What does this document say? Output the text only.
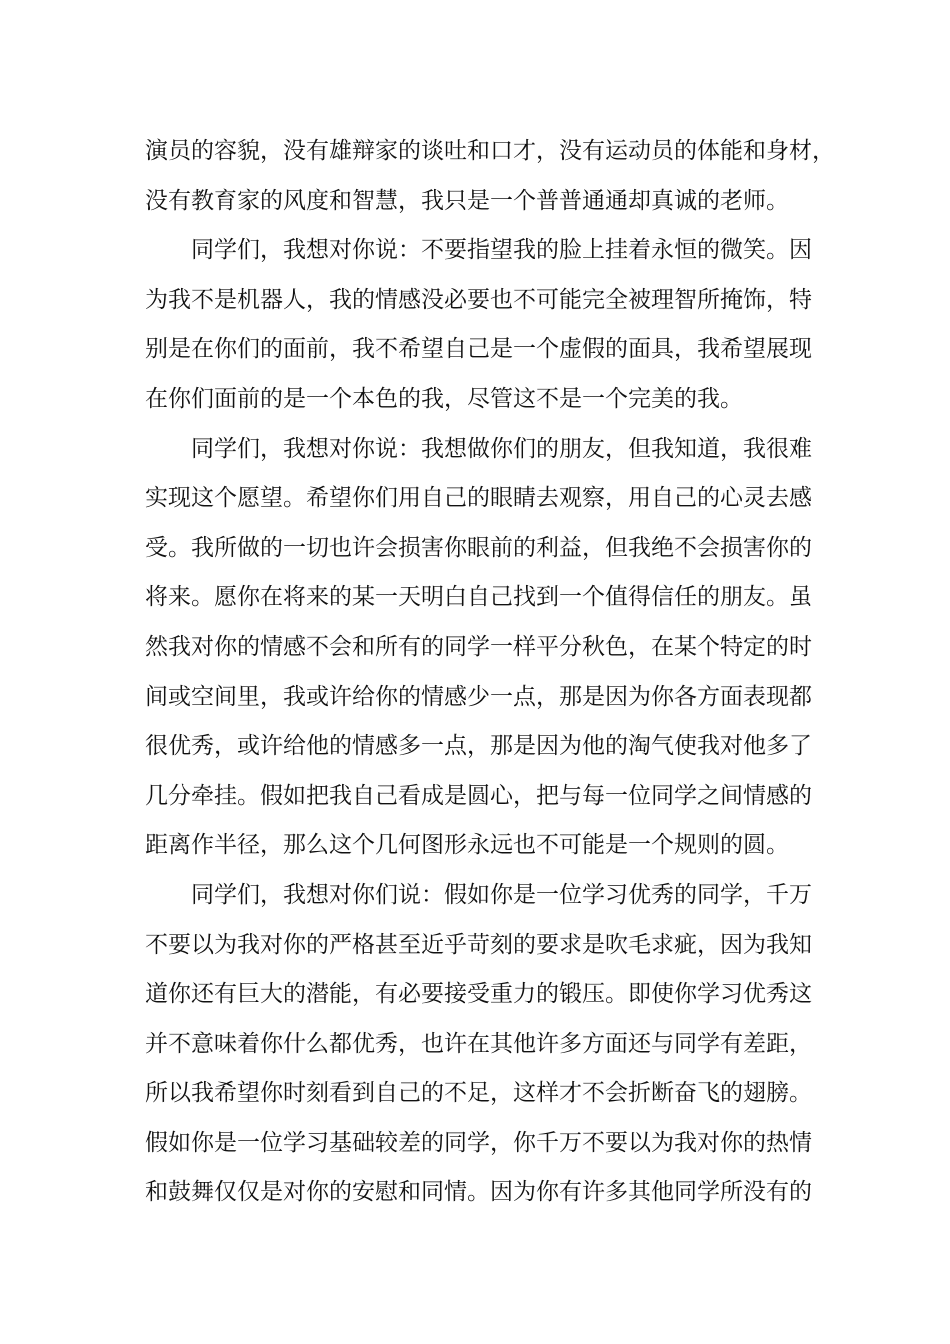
演员的容貌，没有雄辩家的谈吐和口才，没有运动员的体能和身材，
没有教育家的风度和智慧，我只是一个普普通通却真诚的老师。
同学们，我想对你说：不要指望我的脸上挂着永恒的微笑。因
为我不是机器人，我的情感没必要也不可能完全被理智所掩饰，特
别是在你们的面前，我不希望自己是一个虚假的面具，我希望展现
在你们面前的是一个本色的我，尽管这不是一个完美的我。
同学们，我想对你说：我想做你们的朋友，但我知道，我很难
实现这个愿望。希望你们用自己的眼睛去观察，用自己的心灵去感
受。我所做的一切也许会损害你眼前的利益，但我绝不会损害你的
将来。愿你在将来的某一天明白自己找到一个值得信任的朋友。虽
然我对你的情感不会和所有的同学一样平分秋色，在某个特定的时
间或空间里，我或许给你的情感少一点，那是因为你各方面表现都
很优秀，或许给他的情感多一点，那是因为他的淘气使我对他多了
几分牵挂。假如把我自己看成是圆心，把与每一位同学之间情感的
距离作半径，那么这个几何图形永远也不可能是一个规则的圆。
同学们，我想对你们说：假如你是一位学习优秀的同学，千万
不要以为我对你的严格甚至近乎苛刻的要求是吹毛求疵，因为我知
道你还有巨大的潜能，有必要接受重力的锻压。即使你学习优秀这
并不意味着你什么都优秀，也许在其他许多方面还与同学有差距，
所以我希望你时刻看到自己的不足，这样才不会折断奋飞的翅膀。
假如你是一位学习基础较差的同学，你千万不要以为我对你的热情
和鼓舞仅仅是对你的安慰和同情。因为你有许多其他同学所没有的
